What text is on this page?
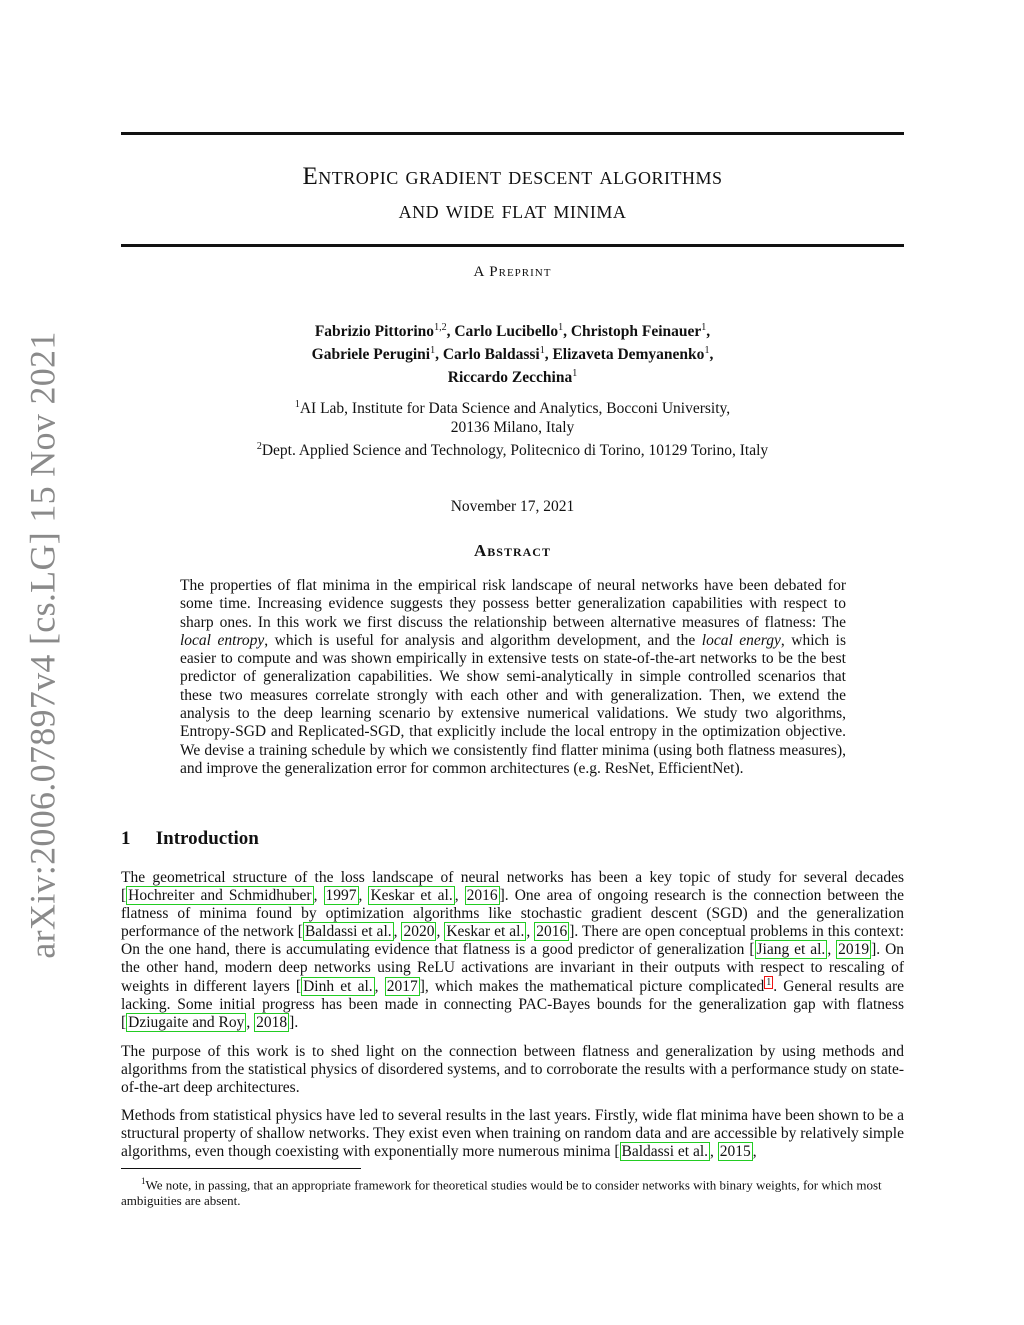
arXiv:2006.07897v4 [cs.LG] 15 Nov 2021
Entropic gradient descent algorithms
and wide flat minima
A Preprint
Fabrizio Pittorino$^{1,2}$, Carlo Lucibello$^1$, Christoph Feinauer$^1$,
Gabriele Perugini$^1$, Carlo Baldassi$^1$, Elizaveta Demyanenko$^1$,
Riccardo Zecchina$^1$
$^1$AI Lab, Institute for Data Science and Analytics, Bocconi University,
20136 Milano, Italy
$^2$Dept. Applied Science and Technology, Politecnico di Torino, 10129 Torino, Italy
November 17, 2021
Abstract
The properties of flat minima in the empirical risk landscape of neural networks have been debated for some time. Increasing evidence suggests they possess better generalization capabilities with respect to sharp ones. In this work we first discuss the relationship between alternative measures of flatness: The local entropy, which is useful for analysis and algorithm development, and the local energy, which is easier to compute and was shown empirically in extensive tests on state-of-the-art networks to be the best predictor of generalization capabilities. We show semi-analytically in simple controlled scenarios that these two measures correlate strongly with each other and with generalization. Then, we extend the analysis to the deep learning scenario by extensive numerical validations. We study two algorithms, Entropy-SGD and Replicated-SGD, that explicitly include the local entropy in the optimization objective. We devise a training schedule by which we consistently find flatter minima (using both flatness measures), and improve the generalization error for common architectures (e.g. ResNet, EfficientNet).
1 Introduction
The geometrical structure of the loss landscape of neural networks has been a key topic of study for several decades [ Hochreiter and Schmidhuber , 1997 , Keskar et al. , 2016 ]. One area of ongoing research is the connection between the flatness of minima found by optimization algorithms like stochastic gradient descent (SGD) and the generalization performance of the network [ Baldassi et al. , 2020 , Keskar et al. , 2016 ]. There are open conceptual problems in this context: On the one hand, there is accumulating evidence that flatness is a good predictor of generalization [ Jiang et al. , 2019 ]. On the other hand, modern deep networks using ReLU activations are invariant in their outputs with respect to rescaling of weights in different layers [ Dinh et al. , 2017 ], which makes the mathematical picture complicated $^1$ . General results are lacking. Some initial progress has been made in connecting PAC-Bayes bounds for the generalization gap with flatness [ Dziugaite and Roy , 2018 ].
The purpose of this work is to shed light on the connection between flatness and generalization by using methods and algorithms from the statistical physics of disordered systems, and to corroborate the results with a performance study on state-of-the-art deep architectures.
Methods from statistical physics have led to several results in the last years. Firstly, wide flat minima have been shown to be a structural property of shallow networks. They exist even when training on random data and are accessible by relatively simple algorithms, even though coexisting with exponentially more numerous minima [ Baldassi et al. , 2015 ,
$^1$We note, in passing, that an appropriate framework for theoretical studies would be to consider networks with binary weights, for which most ambiguities are absent.
